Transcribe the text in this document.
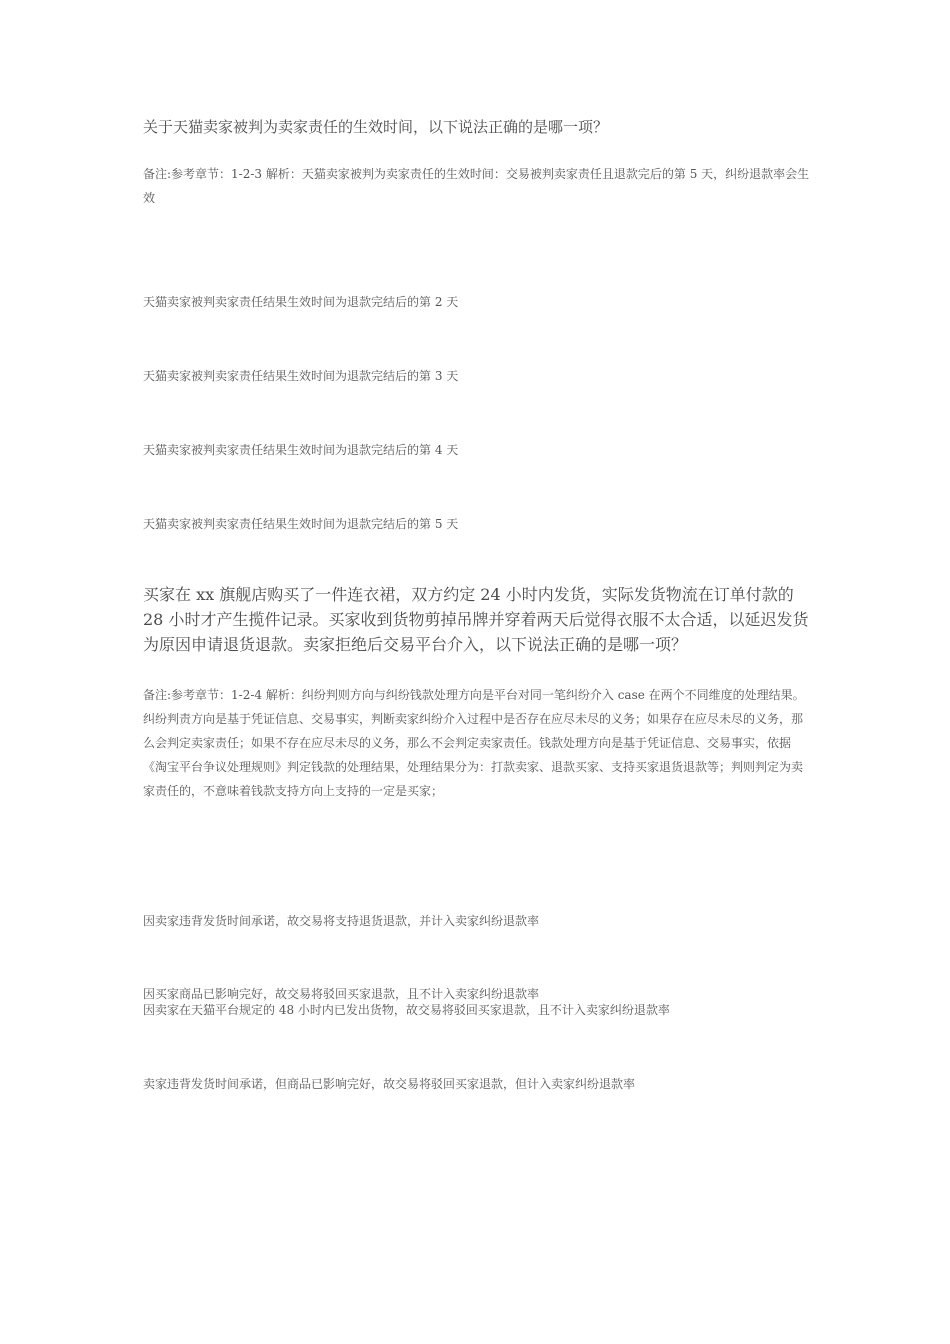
关于天猫卖家被判为卖家责任的生效时间，以下说法正确的是哪一项？
备注:参考章节：1-2-3 解析：天猫卖家被判为卖家责任的生效时间：交易被判卖家责任且退款完后的第 5 天，纠纷退款率会生效
天猫卖家被判卖家责任结果生效时间为退款完结后的第 2 天
天猫卖家被判卖家责任结果生效时间为退款完结后的第 3 天
天猫卖家被判卖家责任结果生效时间为退款完结后的第 4 天
天猫卖家被判卖家责任结果生效时间为退款完结后的第 5 天
买家在 xx 旗舰店购买了一件连衣裙，双方约定 24 小时内发货，实际发货物流在订单付款的 28 小时才产生揽件记录。买家收到货物剪掉吊牌并穿着两天后觉得衣服不太合适，以延迟发货为原因申请退货退款。卖家拒绝后交易平台介入，以下说法正确的是哪一项？
备注:参考章节：1-2-4 解析：纠纷判则方向与纠纷钱款处理方向是平台对同一笔纠纷介入 case 在两个不同维度的处理结果。纠纷判责方向是基于凭证信息、交易事实，判断卖家纠纷介入过程中是否存在应尽未尽的义务；如果存在应尽未尽的义务，那么会判定卖家责任；如果不存在应尽未尽的义务，那么不会判定卖家责任。钱款处理方向是基于凭证信息、交易事实，依据《淘宝平台争议处理规则》判定钱款的处理结果，处理结果分为：打款卖家、退款买家、支持买家退货退款等；判则判定为卖家责任的，不意味着钱款支持方向上支持的一定是买家；
因卖家违背发货时间承诺，故交易将支持退货退款，并计入卖家纠纷退款率
因买家商品已影响完好，故交易将驳回买家退款，且不计入卖家纠纷退款率
因卖家在天猫平台规定的 48 小时内已发出货物，故交易将驳回买家退款，且不计入卖家纠纷退款率
卖家违背发货时间承诺，但商品已影响完好，故交易将驳回买家退款，但计入卖家纠纷退款率
